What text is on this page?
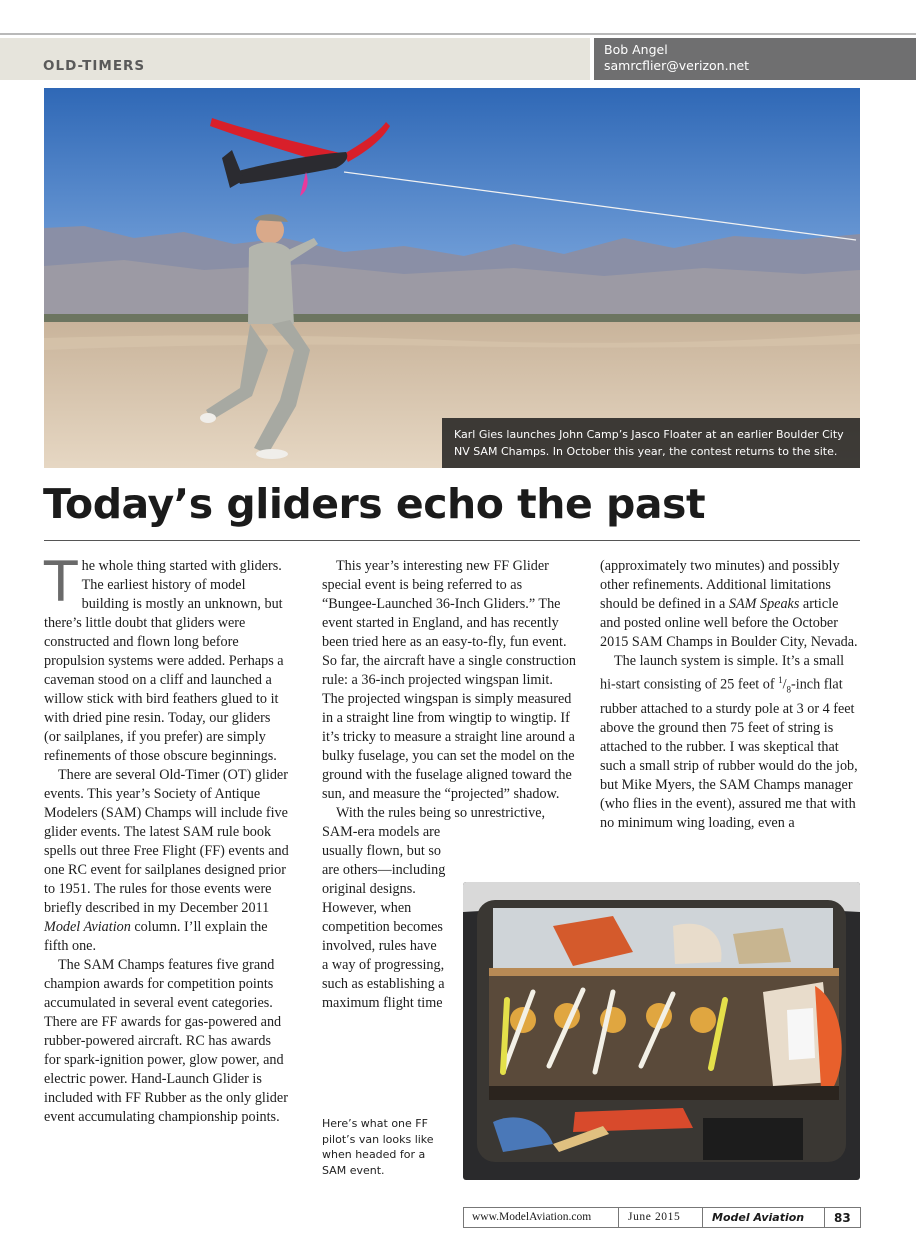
OLD-TIMERS
Bob Angel
samrcflier@verizon.net
Karl Gies launches John Camp’s Jasco Floater at an earlier Boulder City
NV SAM Champs. In October this year, the contest returns to the site.
Today’s gliders echo the past

The whole thing started with gliders. The earliest history of model building is mostly an unknown, but there’s little doubt that gliders were constructed and flown long before propulsion systems were added. Perhaps a caveman stood on a cliff and launched a willow stick with bird feathers glued to it with dried pine resin. Today, our gliders (or sailplanes, if you prefer) are simply refinements of those obscure beginnings.

There are several Old-Timer (OT) glider events. This year’s Society of Antique Modelers (SAM) Champs will include five glider events. The latest SAM rule book spells out three Free Flight (FF) events and one RC event for sailplanes designed prior to 1951. The rules for those events were briefly described in my December 2011 Model Aviation column. I’ll explain the fifth one.

The SAM Champs features five grand champion awards for competition points accumulated in several event categories. There are FF awards for gas-powered and rubber-powered aircraft. RC has awards for spark-ignition power, glow power, and electric power. Hand-Launch Glider is included with FF Rubber as the only glider event accumulating championship points.

This year’s interesting new FF Glider special event is being referred to as “Bungee-Launched 36-Inch Gliders.” The event started in England, and has recently been tried here as an easy-to-fly, fun event. So far, the aircraft have a single construction rule: a 36-inch projected wingspan limit. The projected wingspan is simply measured in a straight line from wingtip to wingtip. If it’s tricky to measure a straight line around a bulky fuselage, you can set the model on the ground with the fuselage aligned toward the sun, and measure the “projected” shadow.

With the rules being so unrestrictive,

SAM-era models are usually flown, but so are others—including original designs. However, when competition becomes involved, rules have a way of progressing, such as establishing a maximum flight time

(approximately two minutes) and possibly other refinements. Additional limitations should be defined in a SAM Speaks article and posted online well before the October 2015 SAM Champs in Boulder City, Nevada.

The launch system is simple. It’s a small hi-start consisting of 25 feet of $^1/_8$-inch flat rubber attached to a sturdy pole at 3 or 4 feet above the ground then 75 feet of string is attached to the rubber. I was skeptical that such a small strip of rubber would do the job, but Mike Myers, the SAM Champs manager (who flies in the event), assured me that with no minimum wing loading, even a

Here’s what one FF pilot’s van looks like when headed for a SAM event.
www.ModelAviation.com	June 2015	Model Aviation 83
